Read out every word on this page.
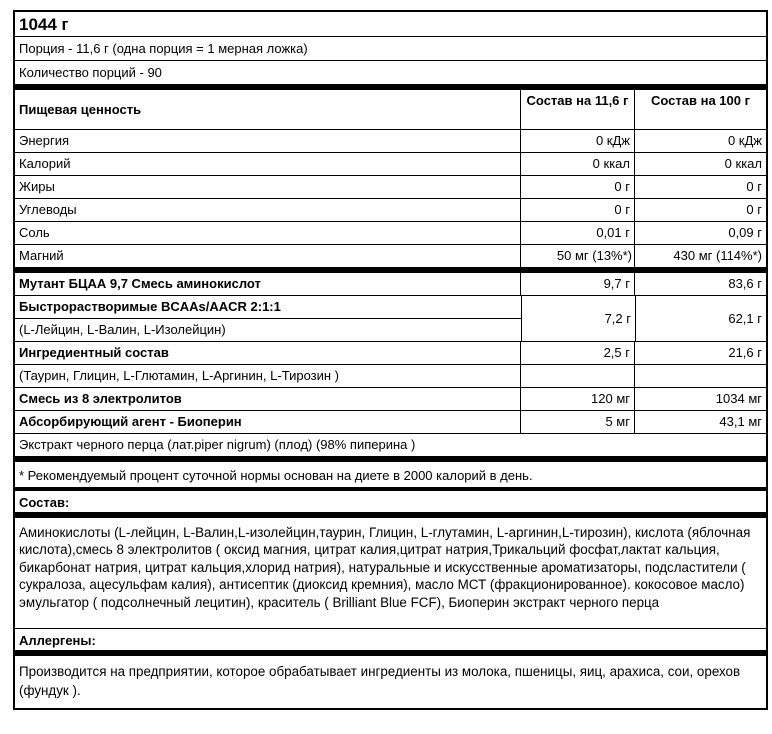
1044 г
Порция - 11,6 г (одна порция = 1 мерная ложка)
Количество порций - 90
Пищевая ценность
Состав на 11,6 г	Состав на 100 г
Энергия	0 кДж	0 кДж
Калорий	0 ккал	0 ккал
Жиры	0 г	0 г
Углеводы	0 г	0 г
Соль	0,01 г	0,09 г
Магний	50 мг (13%*)	430 мг (114%*)
Мутант БЦАА 9,7 Смесь аминокислот	9,7 г	83,6 г
Быстрорастворимые BCAAs/AACR 2:1:1
(L-Лейцин, L-Валин, L-Изолейцин)
7,2 г	62,1 г
Ингредиентный состав	2,5 г	21,6 г
(Таурин, Глицин, L-Глютамин, L-Аргинин, L-Тирозин )
Смесь из 8 электролитов	120 мг	1034 мг
Абсорбирующий агент - Биоперин	5 мг	43,1 мг
Экстракт черного перца (лат.piper nigrum) (плод) (98% пиперина )
* Рекомендуемый процент суточной нормы основан на диете в 2000 калорий в день.
Состав:
Аминокислоты (L-лейцин, L-Валин,L-изолейцин,таурин, Глицин, L-глутамин, L-аргинин,L-тирозин), кислота (яблочная кислота),смесь 8 электролитов ( оксид магния, цитрат калия,цитрат натрия,Трикальций фосфат,лактат кальция, бикарбонат натрия, цитрат кальция,хлорид натрия), натуральные и искусственные ароматизаторы, подсластители ( сукралоза, ацесульфам калия), антисептик (диоксид кремния), масло МСТ (фракционированное). кокосовое масло) эмульгатор ( подсолнечный лецитин), краситель ( Brilliant Blue FCF), Биоперин экстракт черного перца
Аллергены:
Производится на предприятии, которое обрабатывает ингредиенты из молока, пшеницы, яиц, арахиса, сои, орехов (фундук ).
